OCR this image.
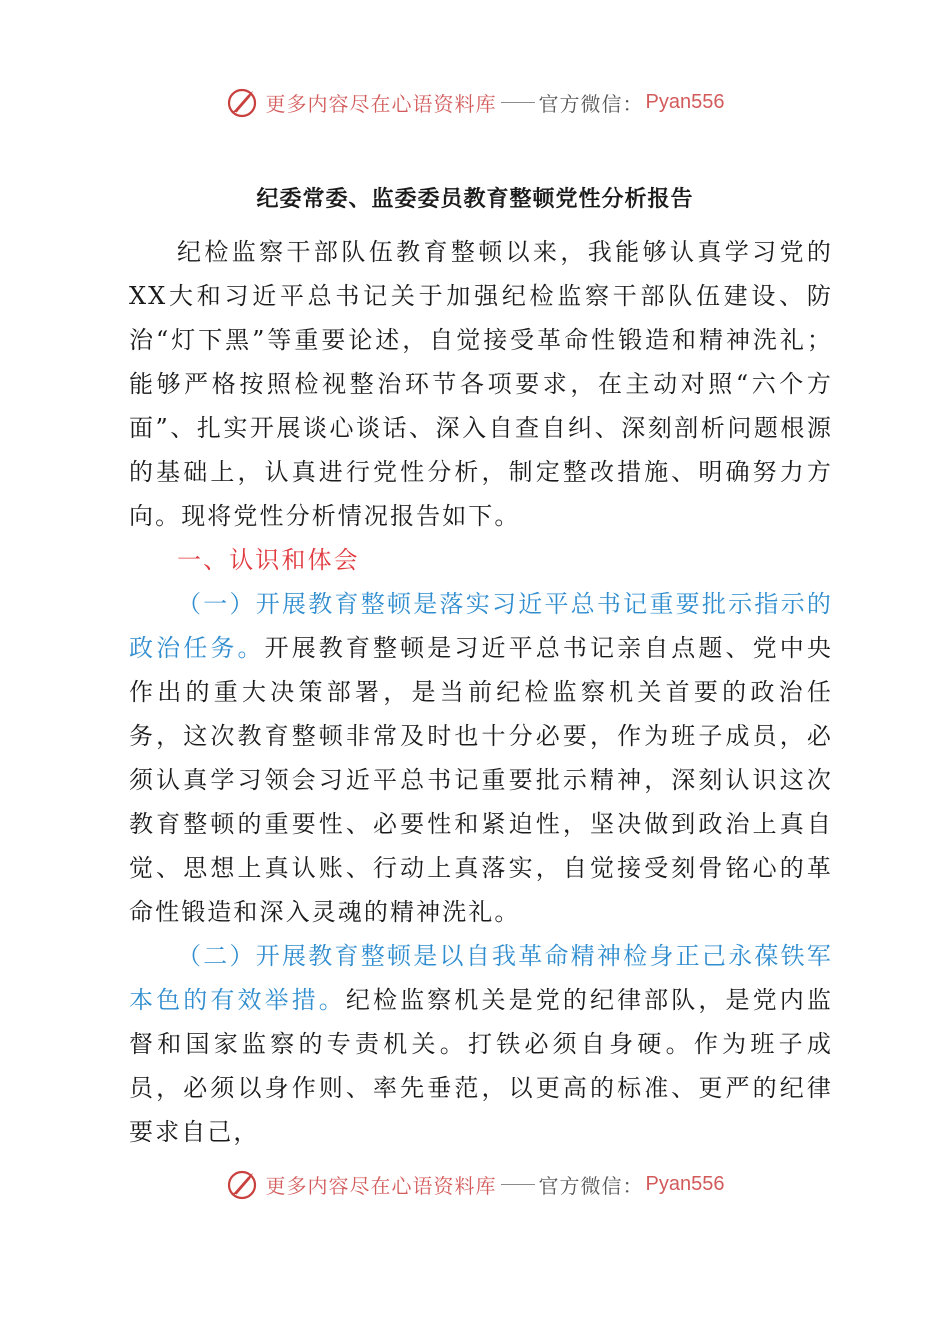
更多内容尽在心语资料库 官方微信： Pyan556
纪委常委、监委委员教育整顿党性分析报告

纪检监察干部队伍教育整顿以来，我能够认真学习党的XX大和习近平总书记关于加强纪检监察干部队伍建设、防治“灯下黑”等重要论述，自觉接受革命性锻造和精神洗礼；能够严格按照检视整治环节各项要求，在主动对照“六个方面”、扎实开展谈心谈话、深入自查自纠、深刻剖析问题根源的基础上，认真进行党性分析，制定整改措施、明确努力方向。现将党性分析情况报告如下。

一、认识和体会

（一）开展教育整顿是落实习近平总书记重要批示指示的政治任务。开展教育整顿是习近平总书记亲自点题、党中央作出的重大决策部署，是当前纪检监察机关首要的政治任务，这次教育整顿非常及时也十分必要，作为班子成员，必须认真学习领会习近平总书记重要批示精神，深刻认识这次教育整顿的重要性、必要性和紧迫性，坚决做到政治上真自觉、思想上真认账、行动上真落实，自觉接受刻骨铭心的革命性锻造和深入灵魂的精神洗礼。

（二）开展教育整顿是以自我革命精神检身正己永葆铁军本色的有效举措。纪检监察机关是党的纪律部队，是党内监督和国家监察的专责机关。打铁必须自身硬。作为班子成员，必须以身作则、率先垂范，以更高的标准、更严的纪律要求自己，

更多内容尽在心语资料库 官方微信： Pyan556
